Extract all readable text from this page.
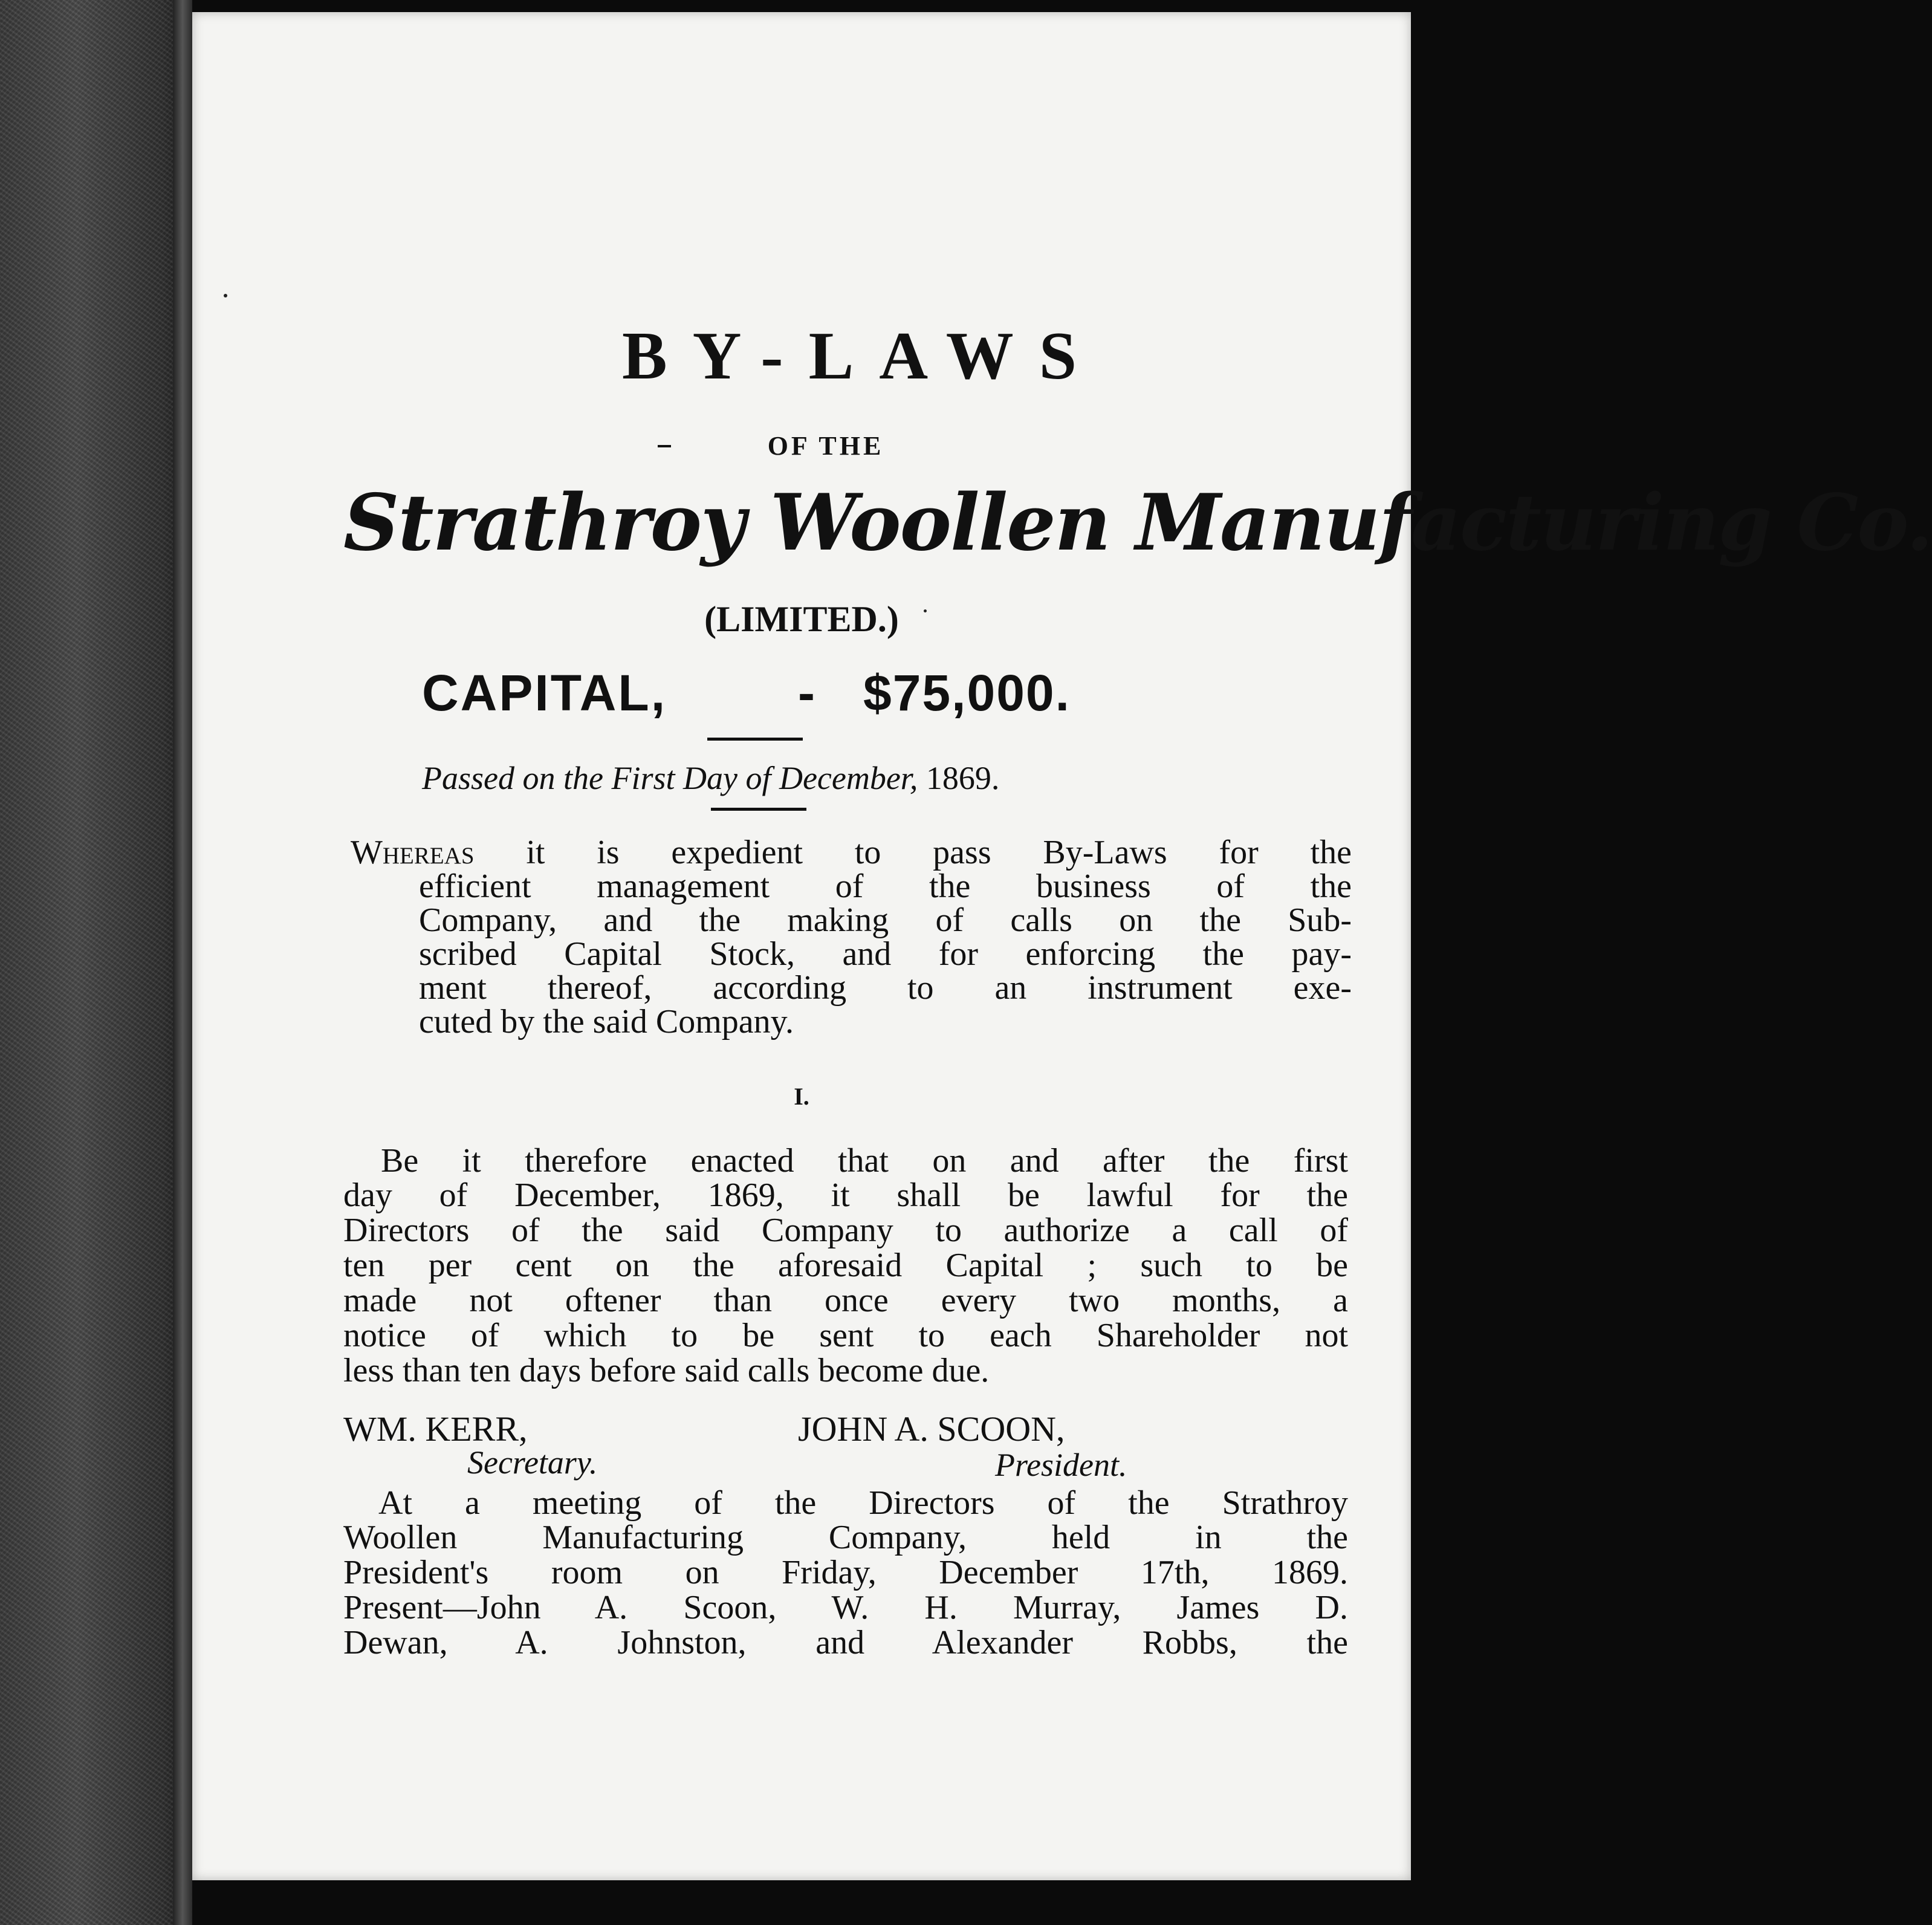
BY-LAWS
OF THE
Strathroy Woollen Manufacturing Co.
(LIMITED.)
CAPITAL,	- $75,000.
Passed on the First Day of December, 1869.
Whereas it is expedient to pass By-Laws for the
efficient management of the business of the
Company, and the making of calls on the Sub-
scribed Capital Stock, and for enforcing the pay-
ment thereof, according to an instrument exe-
cuted by the said Company.
I.
Be it therefore enacted that on and after the first
day of December, 1869, it shall be lawful for the
Directors of the said Company to authorize a call of
ten per cent on the aforesaid Capital ; such to be
made not oftener than once every two months, a
notice of which to be sent to each Shareholder not
less than ten days before said calls become due.
WM. KERR,
Secretary.
JOHN A. SCOON,
President.
At a meeting of the Directors of the Strathroy
Woollen Manufacturing Company, held in the
President's room on Friday, December 17th, 1869.
Present—John A. Scoon, W. H. Murray, James D.
Dewan, A. Johnston, and Alexander Robbs, the
